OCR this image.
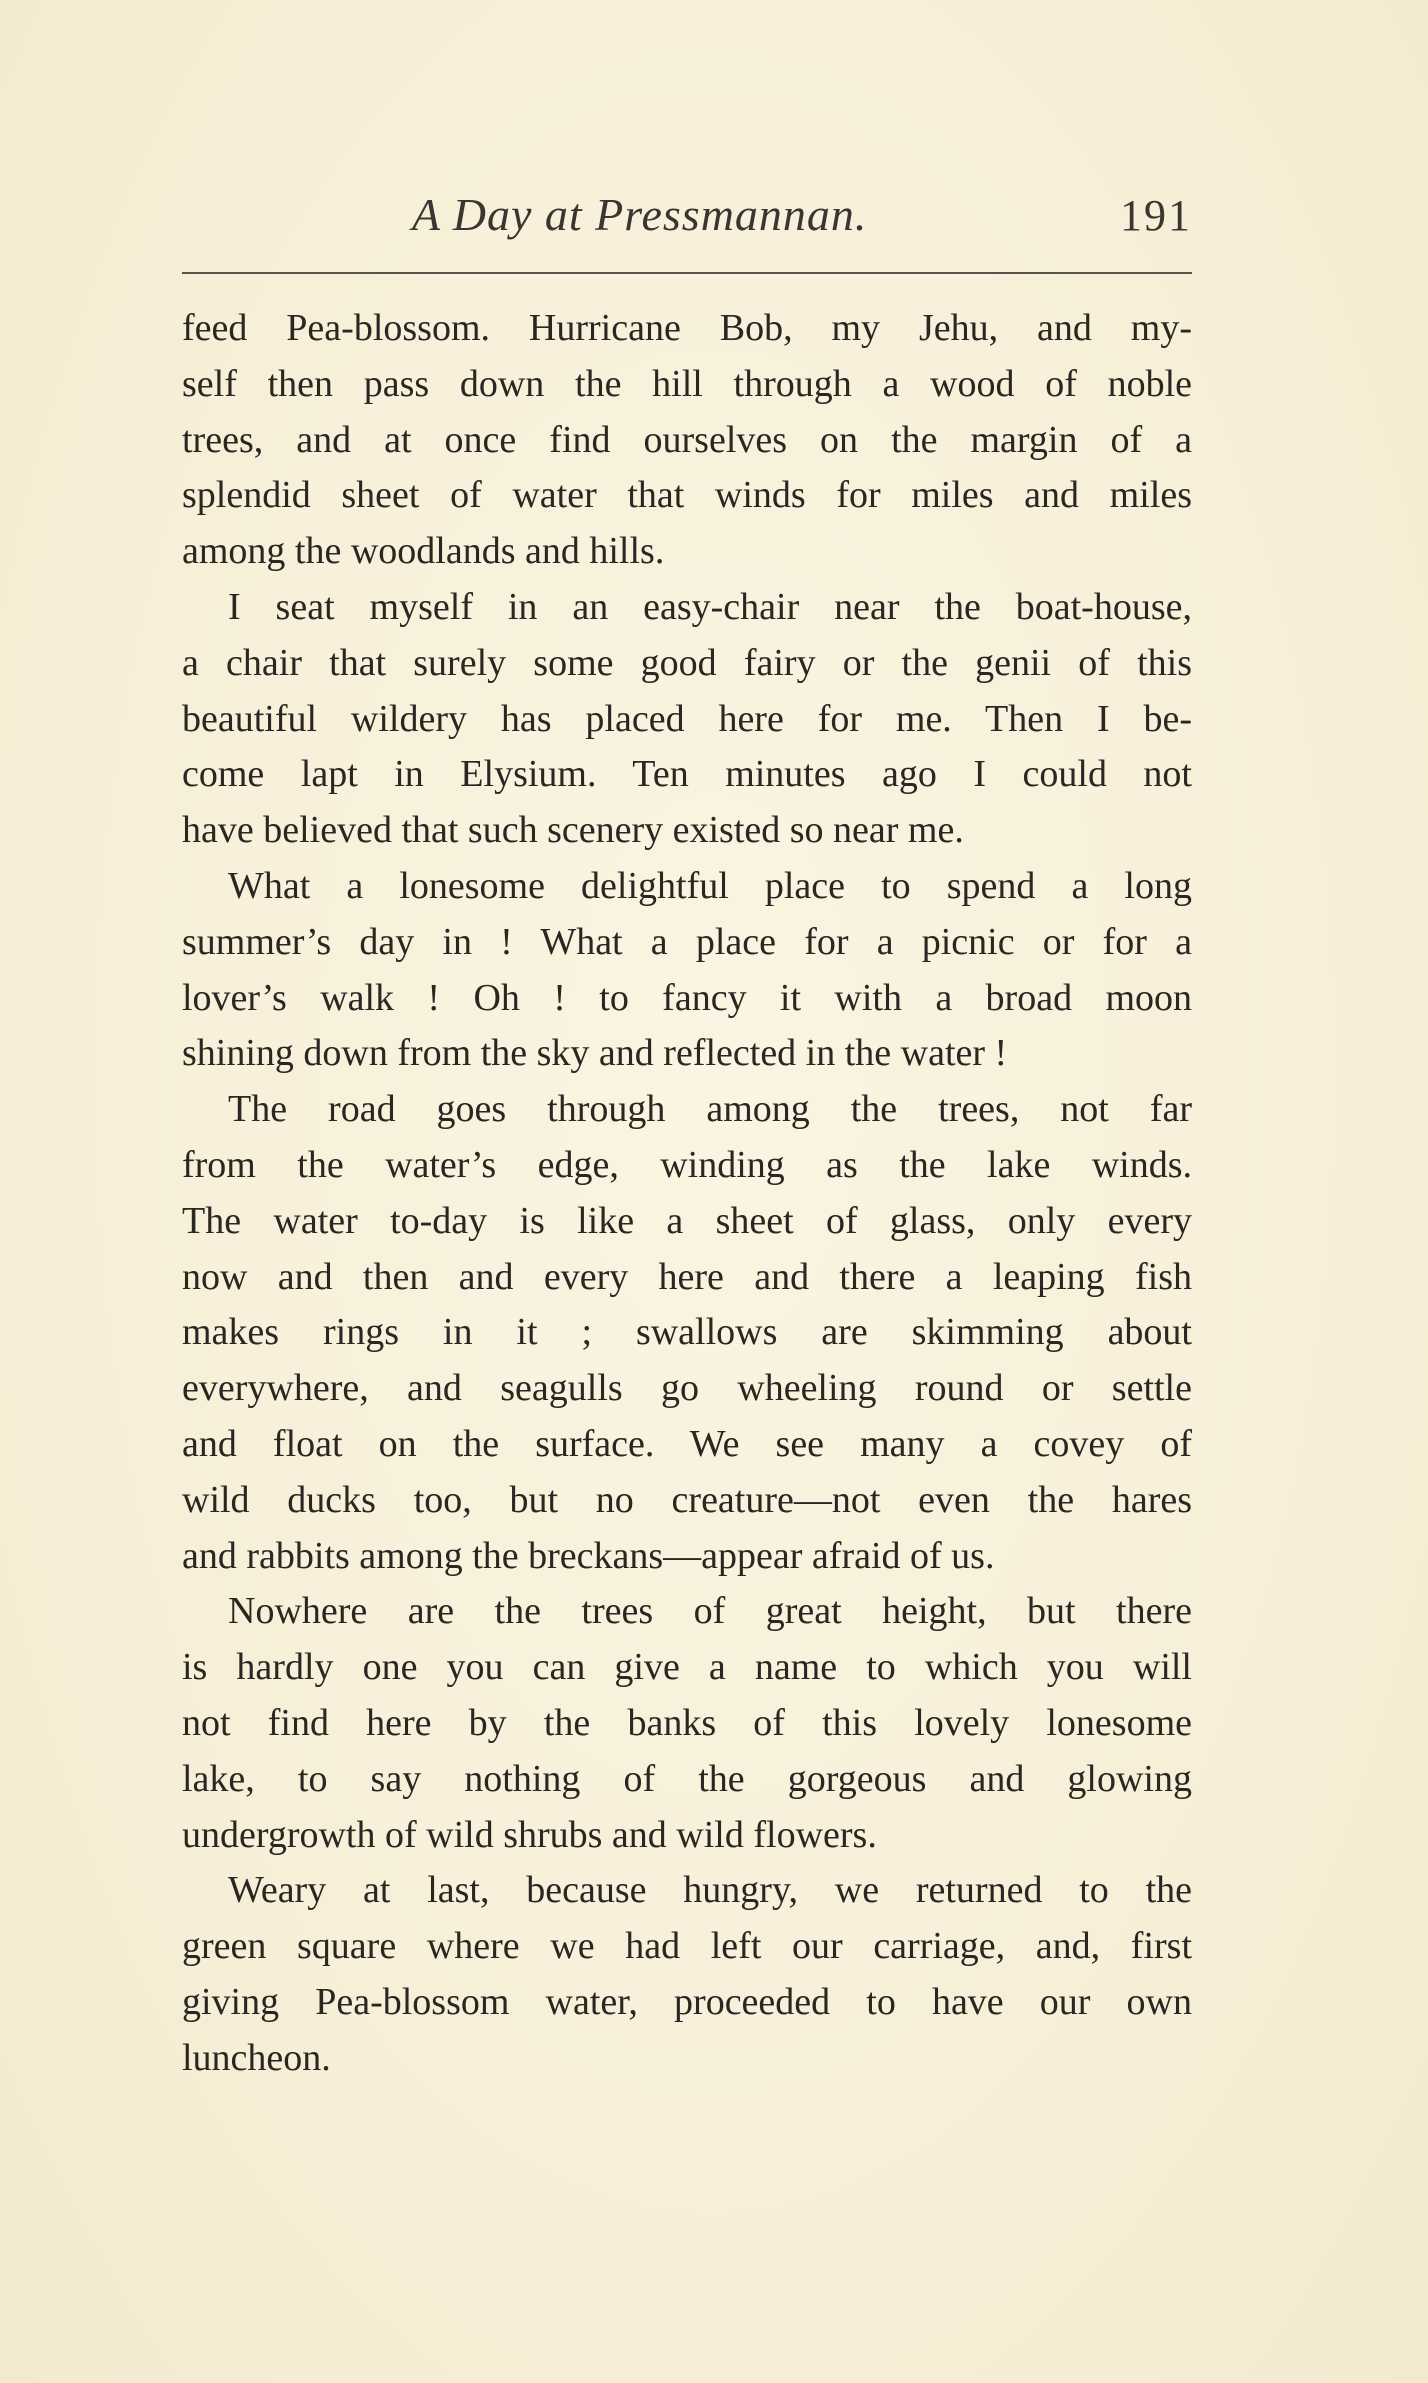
A Day at Pressmannan.	191
feed Pea-blossom. Hurricane Bob, my Jehu, and my-
self then pass down the hill through a wood of noble
trees, and at once find ourselves on the margin of a
splendid sheet of water that winds for miles and miles
among the woodlands and hills.
I seat myself in an easy-chair near the boat-house,
a chair that surely some good fairy or the genii of this
beautiful wildery has placed here for me. Then I be-
come lapt in Elysium. Ten minutes ago I could not
have believed that such scenery existed so near me.
What a lonesome delightful place to spend a long
summer’s day in ! What a place for a picnic or for a
lover’s walk ! Oh ! to fancy it with a broad moon
shining down from the sky and reflected in the water !
The road goes through among the trees, not far
from the water’s edge, winding as the lake winds.
The water to-day is like a sheet of glass, only every
now and then and every here and there a leaping fish
makes rings in it ; swallows are skimming about
everywhere, and seagulls go wheeling round or settle
and float on the surface. We see many a covey of
wild ducks too, but no creature—not even the hares
and rabbits among the breckans—appear afraid of us.
Nowhere are the trees of great height, but there
is hardly one you can give a name to which you will
not find here by the banks of this lovely lonesome
lake, to say nothing of the gorgeous and glowing
undergrowth of wild shrubs and wild flowers.
Weary at last, because hungry, we returned to the
green square where we had left our carriage, and, first
giving Pea-blossom water, proceeded to have our own
luncheon.
